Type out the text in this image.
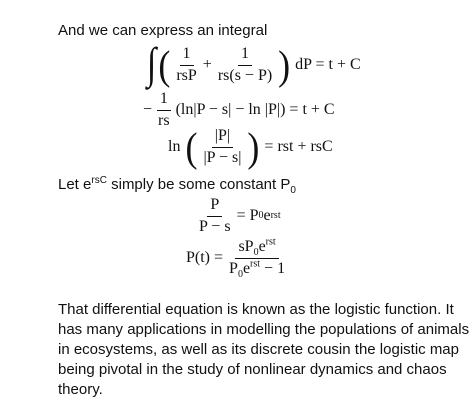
And we can express an integral
∫ ( $\frac{1}{\text{rsP}} + \frac{1}{rs(s - P)}$ ) dP = t + C
− $\frac{1}{rs} (\ln|P - s| - \ln |P|) = t + C$
ln ( $\frac{|P|}{|P - s|}$ ) = rst + rsC
Let $e^{rsC}$ simply be some constant $P_0$
$\frac{P}{P - s} = P$ 0 e rst
$P(t) = \frac{sP_0e^{rst}}{P_0e^{rst} - 1}$
That differential equation is known as the logistic function. It
has many applications in modelling the populations of animals
in ecosystems, as well as its discrete cousin the logistic map
being pivotal in the study of nonlinear dynamics and chaos
theory.
